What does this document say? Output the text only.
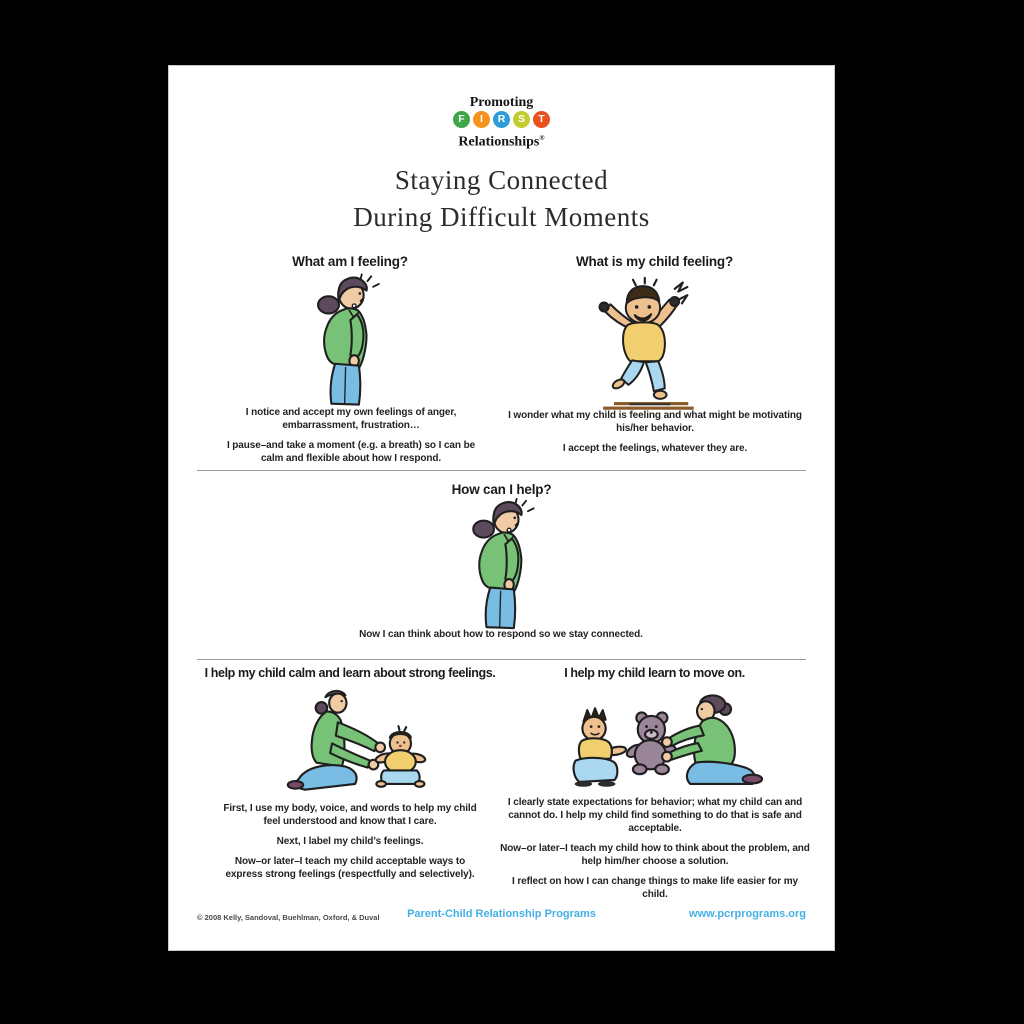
Promoting
F I R S T
Relationships®
Staying Connected
During Difficult Moments
What am I feeling?	What is my child feeling?

I notice and accept my own feelings of anger, embarrassment, frustration…

I pause–and take a moment (e.g. a breath) so I can be calm and flexible about how I respond.

I wonder what my child is feeling and what might be motivating his/her behavior.

I accept the feelings, whatever they are.

How can I help?

Now I can think about how to respond so we stay connected.

I help my child calm and learn about strong feelings.	I help my child learn to move on.

First, I use my body, voice, and words to help my child feel understood and know that I care.

Next, I label my child’s feelings.

Now–or later–I teach my child acceptable ways to express strong feelings (respectfully and selectively).

I clearly state expectations for behavior; what my child can and cannot do. I help my child find something to do that is safe and acceptable.

Now–or later–I teach my child how to think about the problem, and help him/her choose a solution.

I reflect on how I can change things to make life easier for my child.

© 2008 Kelly, Sandoval, Buehlman, Oxford, & Duval	Parent-Child Relationship Programs	www.pcrprograms.org
